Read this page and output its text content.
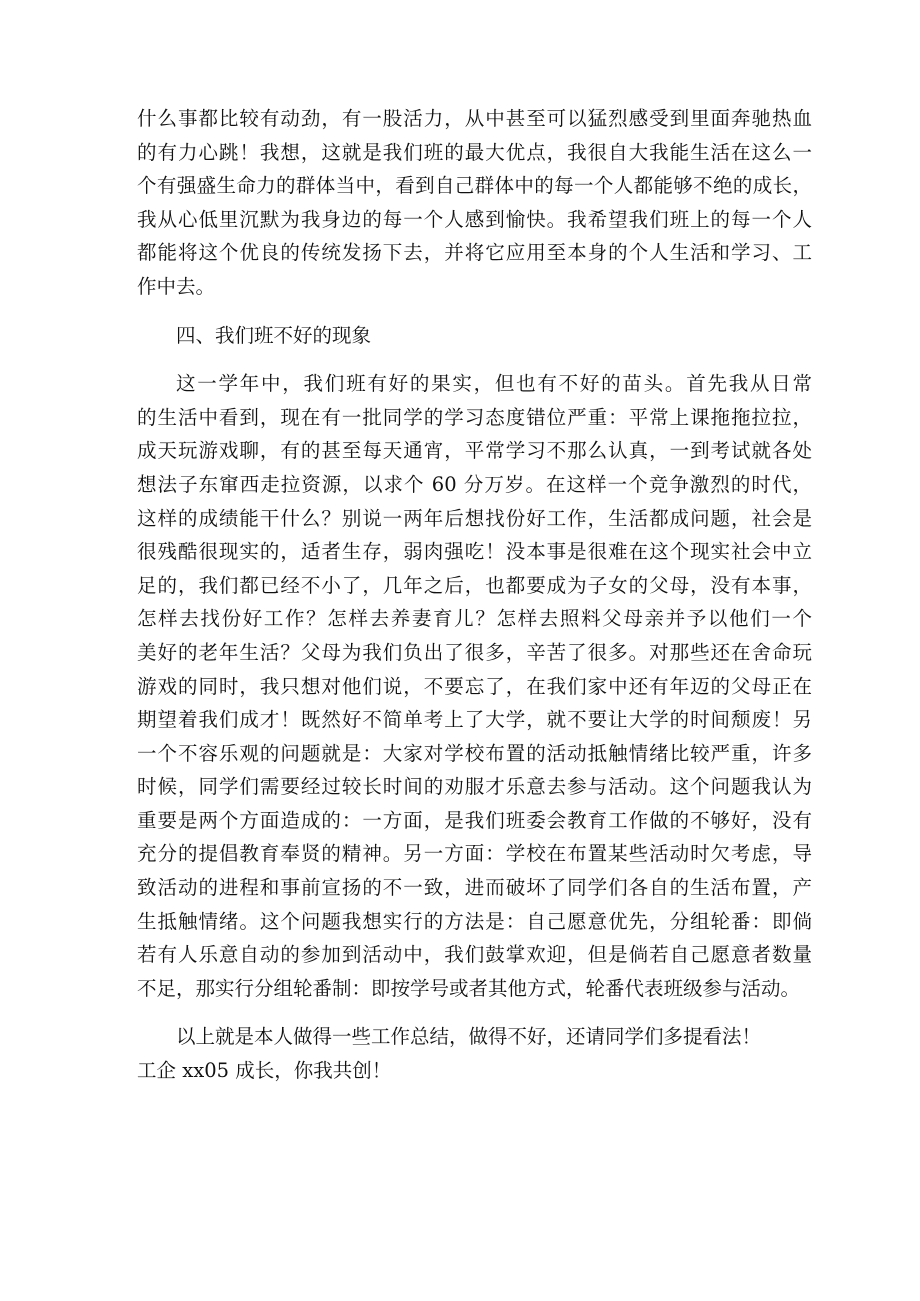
什么事都比较有动劲，有一股活力，从中甚至可以猛烈感受到里面奔驰热血
的有力心跳！我想，这就是我们班的最大优点，我很自大我能生活在这么一
个有强盛生命力的群体当中，看到自己群体中的每一个人都能够不绝的成长，
我从心低里沉默为我身边的每一个人感到愉快。我希望我们班上的每一个人
都能将这个优良的传统发扬下去，并将它应用至本身的个人生活和学习、工
作中去。
四、我们班不好的现象
这一学年中，我们班有好的果实，但也有不好的苗头。首先我从日常
的生活中看到，现在有一批同学的学习态度错位严重：平常上课拖拖拉拉，
成天玩游戏聊，有的甚至每天通宵，平常学习不那么认真，一到考试就各处
想法子东窜西走拉资源，以求个 60 分万岁。在这样一个竞争激烈的时代，
这样的成绩能干什么？别说一两年后想找份好工作，生活都成问题，社会是
很残酷很现实的，适者生存，弱肉强吃！没本事是很难在这个现实社会中立
足的，我们都已经不小了，几年之后，也都要成为子女的父母，没有本事，
怎样去找份好工作？怎样去养妻育儿？怎样去照料父母亲并予以他们一个
美好的老年生活？父母为我们负出了很多，辛苦了很多。对那些还在舍命玩
游戏的同时，我只想对他们说，不要忘了，在我们家中还有年迈的父母正在
期望着我们成才！既然好不简单考上了大学，就不要让大学的时间颓废！另
一个不容乐观的问题就是：大家对学校布置的活动抵触情绪比较严重，许多
时候，同学们需要经过较长时间的劝服才乐意去参与活动。这个问题我认为
重要是两个方面造成的：一方面，是我们班委会教育工作做的不够好，没有
充分的提倡教育奉贤的精神。另一方面：学校在布置某些活动时欠考虑，导
致活动的进程和事前宣扬的不一致，进而破坏了同学们各自的生活布置，产
生抵触情绪。这个问题我想实行的方法是：自己愿意优先，分组轮番：即倘
若有人乐意自动的参加到活动中，我们鼓掌欢迎，但是倘若自己愿意者数量
不足，那实行分组轮番制：即按学号或者其他方式，轮番代表班级参与活动。
以上就是本人做得一些工作总结，做得不好，还请同学们多提看法！
工企 xx05 成长，你我共创！
